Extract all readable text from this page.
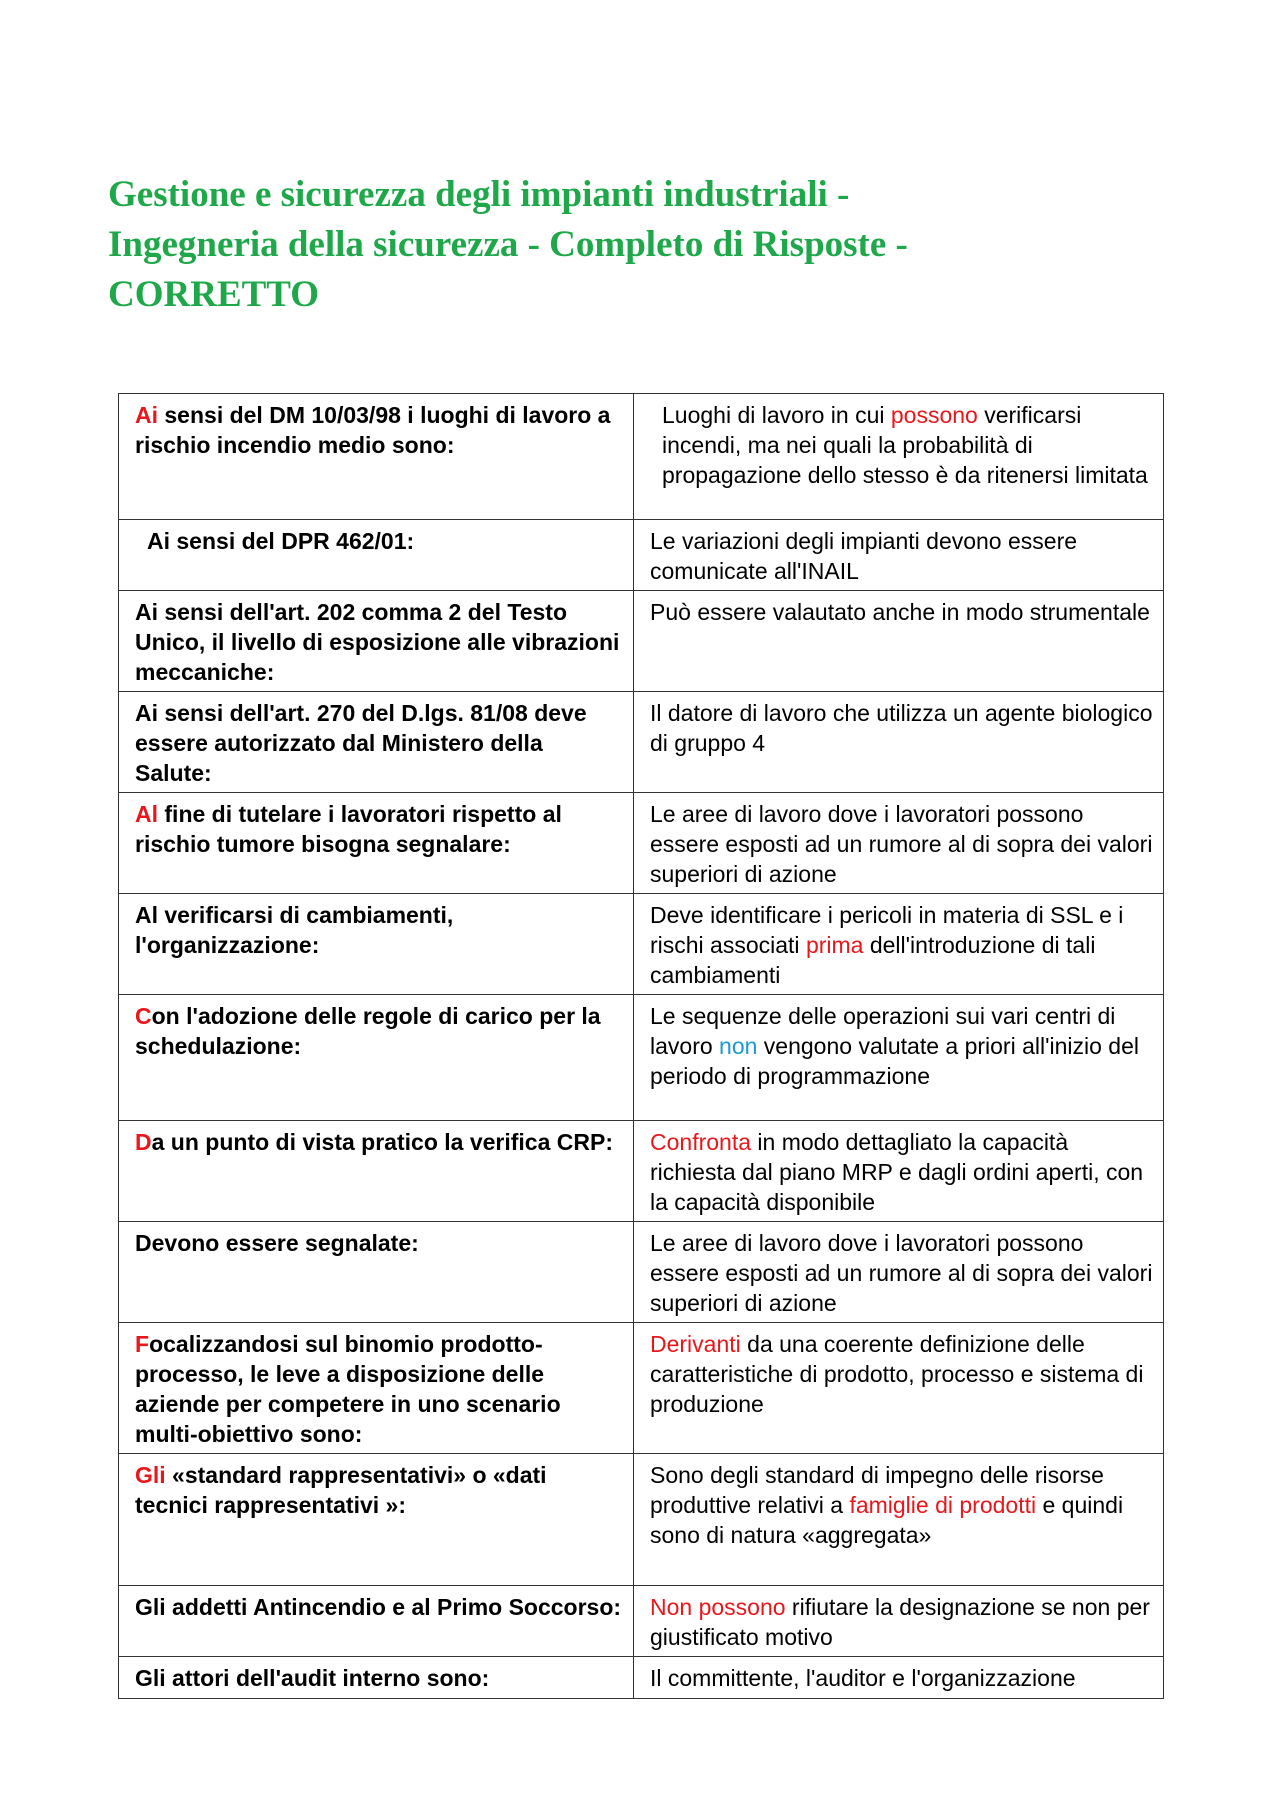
Gestione e sicurezza degli impianti industriali -
Ingegneria della sicurezza - Completo di Risposte -
CORRETTO
Ai sensi del DM 10/03/98 i luoghi di lavoro a rischio incendio medio sono:	Luoghi di lavoro in cui possono verificarsi incendi, ma nei quali la probabilità di propagazione dello stesso è da ritenersi limitata
Ai sensi del DPR 462/01:	Le variazioni degli impianti devono essere comunicate all'INAIL
Ai sensi dell'art. 202 comma 2 del Testo Unico, il livello di esposizione alle vibrazioni meccaniche:	Può essere valautato anche in modo strumentale
Ai sensi dell'art. 270 del D.lgs. 81/08 deve essere autorizzato dal Ministero della Salute:	Il datore di lavoro che utilizza un agente biologico di gruppo 4
Al fine di tutelare i lavoratori rispetto al rischio tumore bisogna segnalare:	Le aree di lavoro dove i lavoratori possono essere esposti ad un rumore al di sopra dei valori superiori di azione
Al verificarsi di cambiamenti, l'organizzazione:	Deve identificare i pericoli in materia di SSL e i rischi associati prima dell'introduzione di tali cambiamenti
Con l'adozione delle regole di carico per la schedulazione:	Le sequenze delle operazioni sui vari centri di lavoro non vengono valutate a priori all'inizio del periodo di programmazione
Da un punto di vista pratico la verifica CRP:	Confronta in modo dettagliato la capacità richiesta dal piano MRP e dagli ordini aperti, con la capacità disponibile
Devono essere segnalate:	Le aree di lavoro dove i lavoratori possono essere esposti ad un rumore al di sopra dei valori superiori di azione
Focalizzandosi sul binomio prodotto-processo, le leve a disposizione delle aziende per competere in uno scenario multi-obiettivo sono:	Derivanti da una coerente definizione delle caratteristiche di prodotto, processo e sistema di produzione
Gli «standard rappresentativi» o «dati tecnici rappresentativi »:	Sono degli standard di impegno delle risorse produttive relativi a famiglie di prodotti e quindi sono di natura «aggregata»
Gli addetti Antincendio e al Primo Soccorso:	Non possono rifiutare la designazione se non per giustificato motivo
Gli attori dell'audit interno sono:	Il committente, l'auditor e l'organizzazione
